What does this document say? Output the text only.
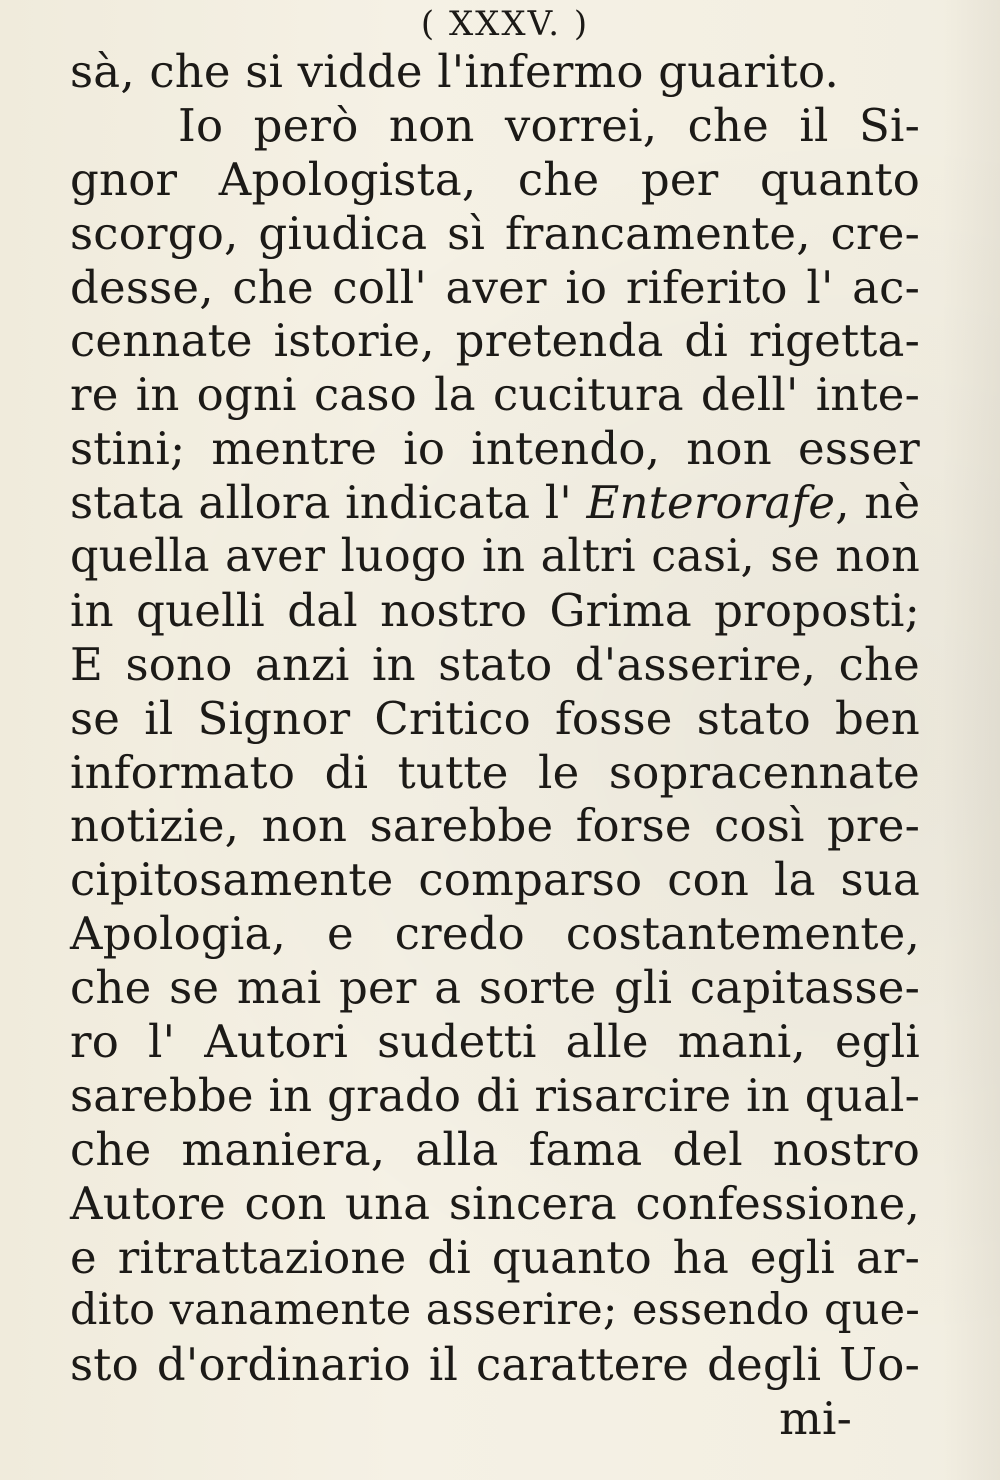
( XXXV. )
sà, che si vidde l'infermo guarito.
Io però non vorrei, che il Si-
gnor Apologista, che per quanto
scorgo, giudica sì francamente, cre-
desse, che coll' aver io riferito l' ac-
cennate istorie, pretenda di rigetta-
re in ogni caso la cucitura dell' inte-
stini; mentre io intendo, non esser
stata allora indicata l' Enterorafe, nè
quella aver luogo in altri casi, se non
in quelli dal nostro Grima proposti;
E sono anzi in stato d'asserire, che
se il Signor Critico fosse stato ben
informato di tutte le sopracennate
notizie, non sarebbe forse così pre-
cipitosamente comparso con la sua
Apologia, e credo costantemente,
che se mai per a sorte gli capitasse-
ro l' Autori sudetti alle mani, egli
sarebbe in grado di risarcire in qual-
che maniera, alla fama del nostro
Autore con una sincera confessione,
e ritrattazione di quanto ha egli ar-
dito vanamente asserire; essendo que-
sto d'ordinario il carattere degli Uo-
mi-
